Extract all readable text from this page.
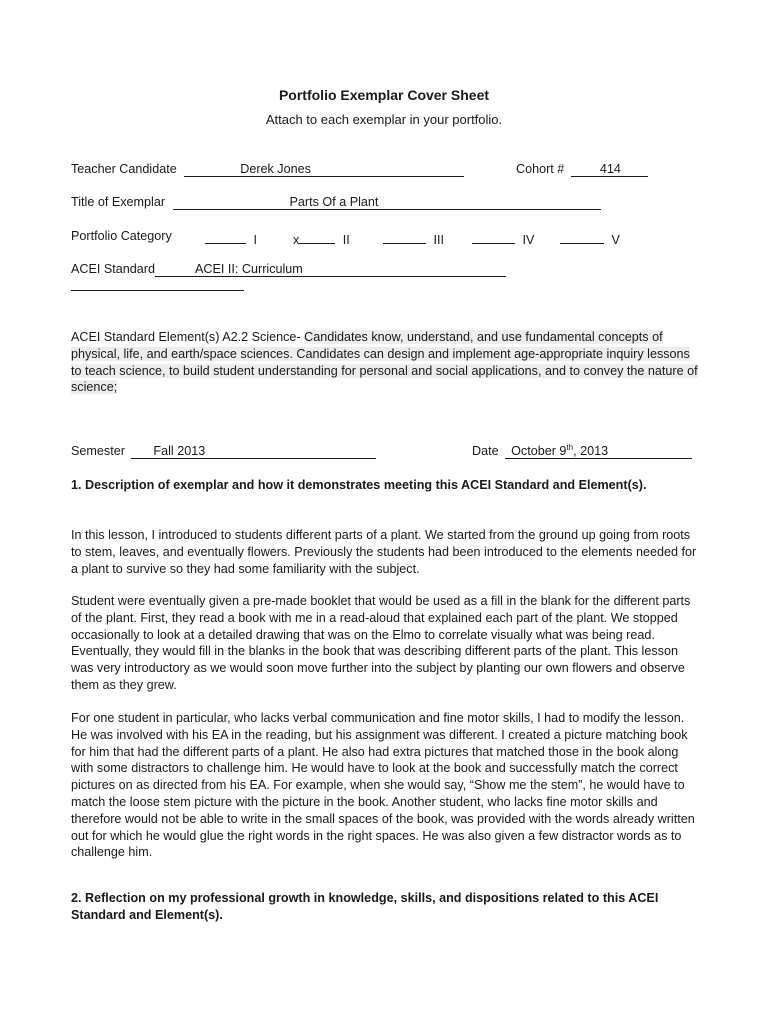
Portfolio Exemplar Cover Sheet
Attach to each exemplar in your portfolio.
Teacher Candidate	Derek Jones	Cohort #	414
Title of Exemplar	Parts Of a Plant
Portfolio Category	I	x	II	III	IV	V
ACEI Standard	ACEI II: Curriculum
ACEI Standard Element(s) A2.2 Science- Candidates know, understand, and use fundamental concepts of physical, life, and earth/space sciences. Candidates can design and implement age-appropriate inquiry lessons to teach science, to build student understanding for personal and social applications, and to convey the nature of science;
Semester Fall 2013	Date October 9th, 2013
1. Description of exemplar and how it demonstrates meeting this ACEI Standard and Element(s).
In this lesson, I introduced to students different parts of a plant. We started from the ground up going from roots to stem, leaves, and eventually flowers. Previously the students had been introduced to the elements needed for a plant to survive so they had some familiarity with the subject.
Student were eventually given a pre-made booklet that would be used as a fill in the blank for the different parts of the plant. First, they read a book with me in a read-aloud that explained each part of the plant. We stopped occasionally to look at a detailed drawing that was on the Elmo to correlate visually what was being read. Eventually, they would fill in the blanks in the book that was describing different parts of the plant. This lesson was very introductory as we would soon move further into the subject by planting our own flowers and observe them as they grew.
For one student in particular, who lacks verbal communication and fine motor skills, I had to modify the lesson. He was involved with his EA in the reading, but his assignment was different. I created a picture matching book for him that had the different parts of a plant. He also had extra pictures that matched those in the book along with some distractors to challenge him. He would have to look at the book and successfully match the correct pictures on as directed from his EA. For example, when she would say, “Show me the stem”, he would have to match the loose stem picture with the picture in the book. Another student, who lacks fine motor skills and therefore would not be able to write in the small spaces of the book, was provided with the words already written out for which he would glue the right words in the right spaces. He was also given a few distractor words as to challenge him.
2. Reflection on my professional growth in knowledge, skills, and dispositions related to this ACEI Standard and Element(s).
